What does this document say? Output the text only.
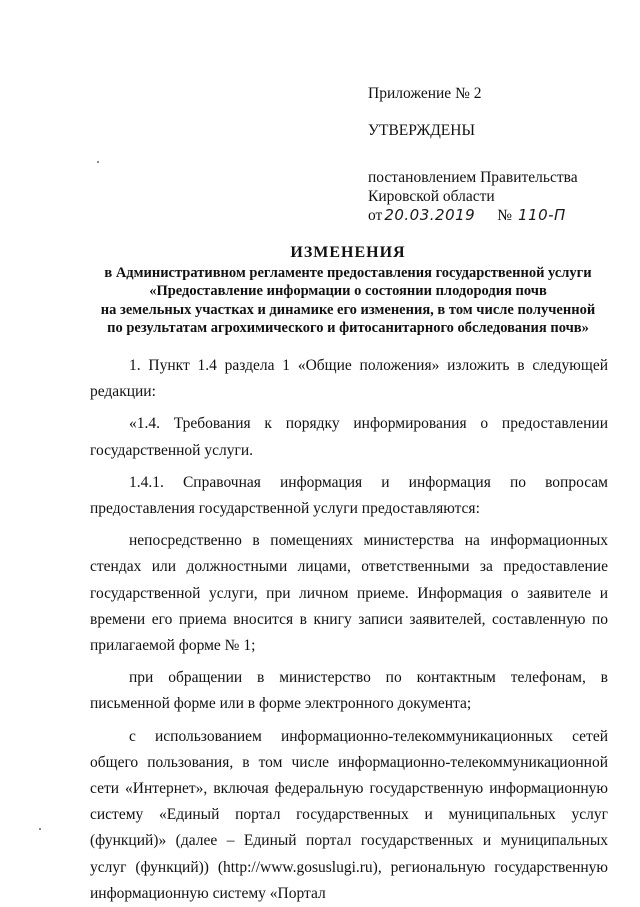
Приложение № 2

УТВЕРЖДЕНЫ

постановлением Правительства

Кировской области

от 20.03.2019 № 110-П

ИЗМЕНЕНИЯ
в Административном регламенте предоставления государственной услуги
«Предоставление информации о состоянии плодородия почв
на земельных участках и динамике его изменения, в том числе полученной
по результатам агрохимического и фитосанитарного обследования почв»

1. Пункт 1.4 раздела 1 «Общие положения» изложить в следующей редакции:

«1.4. Требования к порядку информирования о предоставлении государственной услуги.

1.4.1. Справочная информация и информация по вопросам предоставления государственной услуги предоставляются:

непосредственно в помещениях министерства на информационных стендах или должностными лицами, ответственными за предоставление государственной услуги, при личном приеме. Информация о заявителе и времени его приема вносится в книгу записи заявителей, составленную по прилагаемой форме № 1;

при обращении в министерство по контактным телефонам, в письменной форме или в форме электронного документа;

с использованием информационно-телекоммуникационных сетей общего пользования, в том числе информационно-телекоммуникационной сети «Интернет», включая федеральную государственную информационную систему «Единый портал государственных и муниципальных услуг (функций)» (далее – Единый портал государственных и муниципальных услуг (функций)) (http://www.gosuslugi.ru), региональную государственную информационную систему «Портал
